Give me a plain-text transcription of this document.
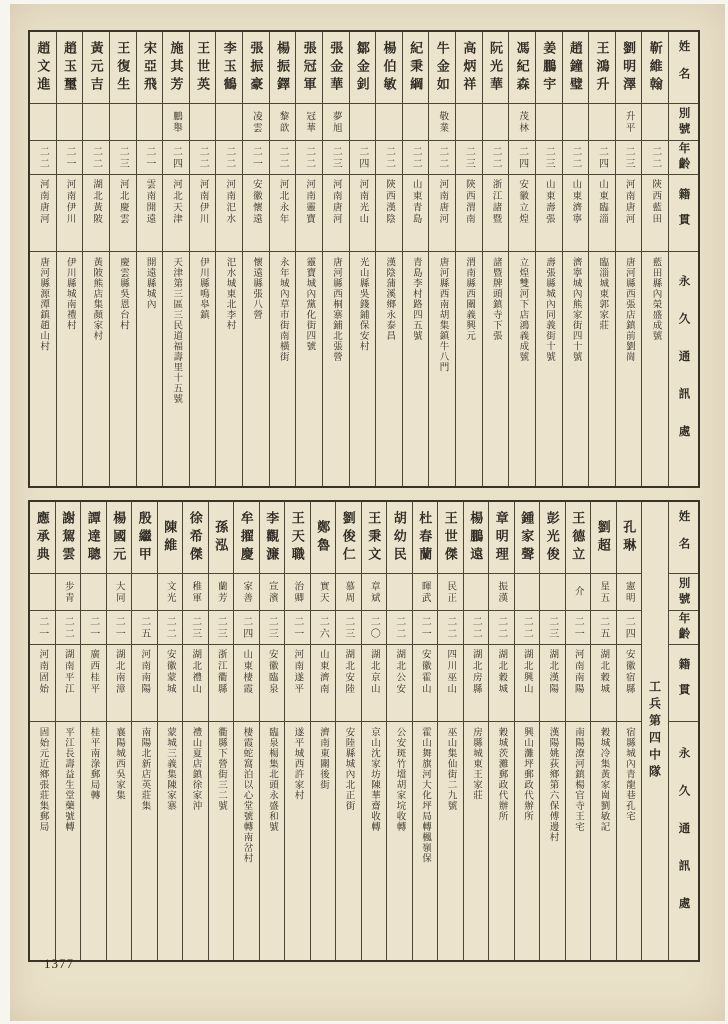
姓名
別號
年齡
籍貫
永久通訊處
靳維翰
二二
陝西藍田
藍田縣內榮盛成號
劉明澤
升平
二三
河南唐河
唐河縣西張店鎮前劉崗
王鴻升
二四
山東臨淄
臨淄城東郭家莊
趙鐘璧
二二
山東濟寧
濟寧城內熊家街四十號
姜鵬宇
二三
山東壽張
壽張縣城內同義街十號
馮紀森
茂林
二四
安徽立煌
立煌雙河下店鴻義成號
阮光華
二二
浙江諸暨
諸暨牌頭鎮寺下張
高炳祥
二三
陝西渭南
渭南縣西關義興元
牛金如
敬業
二二
河南唐河
唐河縣西南胡集鎮牛八門
紀秉綱
二二
山東青島
青島李村路四五號
楊伯敏
二二
陝西漢陰
漢陰蒲溪鄉永泰昌
鄒金釗
二四
河南光山
光山縣吳錢鋪保安村
張金華
夢旭
二三
河南唐河
唐河縣西桐寨鋪北張營
張冠軍
冠華
二二
河南靈寶
靈寶城內黨化街四號
楊振鐸
黎歆
二二
河北永年
永年城內草市街南橫街
張振豪
凌雲
二一
安徽懷遠
懷遠縣張八營
李玉鶴
二二
河南汜水
汜水城東北李村
王世英
二二
河南伊川
伊川縣鳴皋鎮
施其芳
鵬舉
二四
河北天津
天津第三區三民道福壽里十五號
宋亞飛
二一
雲南開遠
開遠縣城內
王復生
二三
河北慶雲
慶雲縣吳恩台村
黃元吉
二二
湖北黃陂
黃陂熊店集顏家村
趙玉璽
二一
河南伊川
伊川縣城南禮村
趙文進
二二
河南唐河
唐河縣源潭鎮趙山村
姓名
別號
年齡
籍貫
永久通訊處
工兵第四中隊
孔琳
憲明
二四
安徽宿縣
宿縣城內青龍巷孔宅
劉超
星五
二五
湖北穀城
穀城冷集黃家崗劉敏記
王德立
介
二一
河南南陽
南陽潦河鎮楊官寺王宅
彭光俊
二三
湖北漢陽
漢陽姚荻鄉第六保傅邊村
鍾家聲
二二
湖北興山
興山灘坪郵政代辦所
章明理
振漢
二二
湖北穀城
穀城茨灘郵政代辦所
楊鵬遠
二二
湖北房縣
房縣城東王家莊
王世傑
民正
二二
四川巫山
巫山集仙街二九號
杜春蘭
暉武
二一
安徽霍山
霍山舞旗河大化坪局轉楓嶺保
胡幼民
二二
湖北公安
公安斑竹壋胡家垸收轉
王秉文
章斌
二〇
湖北京山
京山沈家坊陳華齋收轉
劉俊仁
慕周
二三
湖北安陸
安陸縣城內北正街
鄭魯
實天
二六
山東濟南
濟南東關後街
王天職
治卿
二一
河南遂平
遂平城西許家村
李觀濂
宣濱
二三
安徽臨泉
臨泉楊集北頭永盛和號
牟擢慶
家善
二四
山東棲霞
棲霞蛇窩泊以心堂號轉南岔村
孫泓
蘭芳
二三
浙江衢縣
衢縣下營街三二號
徐希傑
稚軍
二三
湖北禮山
禮山夏店鎮徐家沖
陳維
文光
二二
安徽蒙城
蒙城三義集陳家寨
殷繼甲
二五
河南南陽
南陽北新店英莊集
楊國元
大同
二一
湖北南漳
襄陽城西吳家集
譚達聰
二一
廣西桂平
桂平南淥郵局轉
謝駕雲
步青
二二
湖南平江
平江長壽益生堂藥號轉
應承典
二一
河南固始
固始元近鄉張莊集郵局
1377
